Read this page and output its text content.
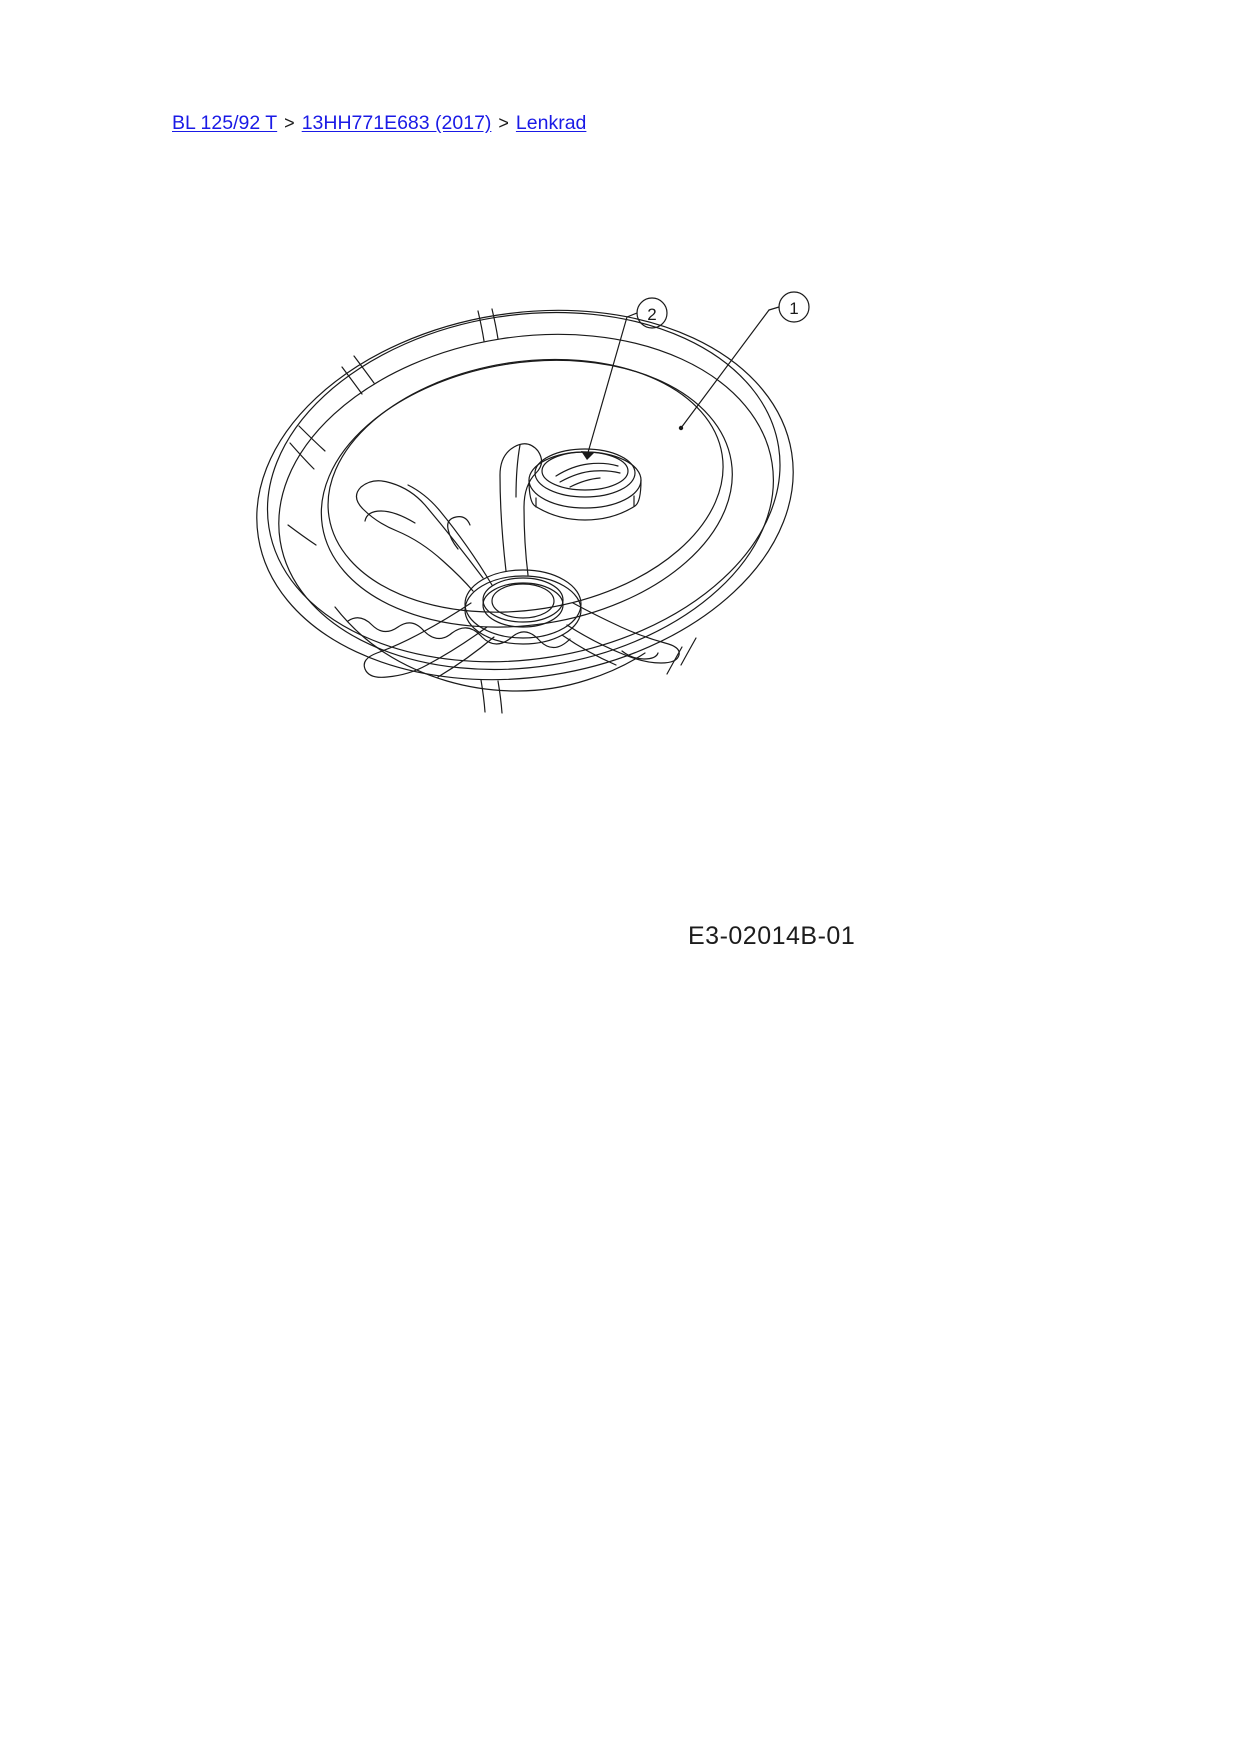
BL 125/92 T > 13HH771E683 (2017) > Lenkrad
1
2
E3-02014B-01
